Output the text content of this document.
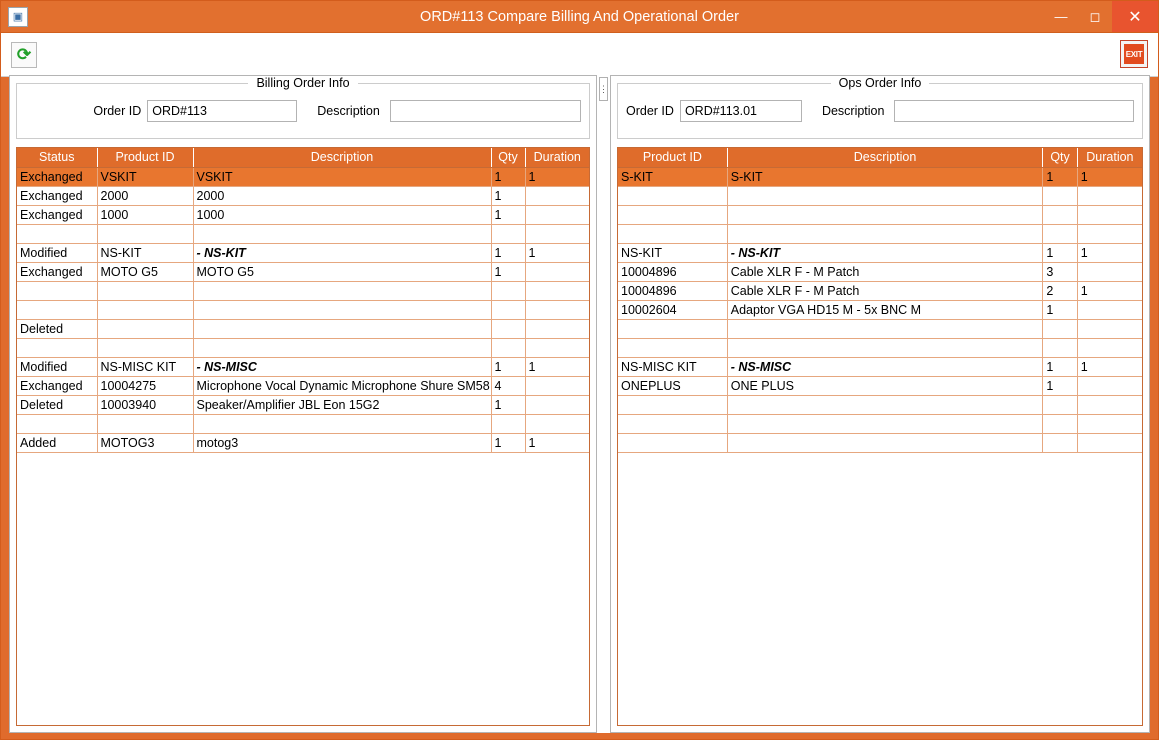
▣	ORD#113 Compare Billing And Operational Order	— ◻ ✕
⟳	EXIT
Billing Order Info
Order ID
ORD#113	Description
Status	Product ID	Description	Qty	Duration
Exchanged	VSKIT	VSKIT	1	1
Exchanged	2000	2000	1	
Exchanged	1000	1000	1	

Modified	NS-KIT	- NS-KIT	1	1
Exchanged	MOTO G5	MOTO G5	1	

Deleted				

Modified	NS-MISC KIT	- NS-MISC	1	1
Exchanged	10004275	Microphone Vocal Dynamic Microphone Shure SM58	4	
Deleted	10003940	Speaker/Amplifier JBL Eon 15G2	1	

Added	MOTOG3	motog3	1	1
⋮	Ops Order Info
Order ID
ORD#113.01	Description
Product ID	Description	Qty	Duration
S-KIT	S-KIT	1	1

NS-KIT	- NS-KIT	1	1
10004896	Cable XLR F - M Patch	3	
10004896	Cable XLR F - M Patch	2	1
10002604	Adaptor VGA HD15 M - 5x BNC M	1	

NS-MISC KIT	- NS-MISC	1	1
ONEPLUS	ONE PLUS	1	
